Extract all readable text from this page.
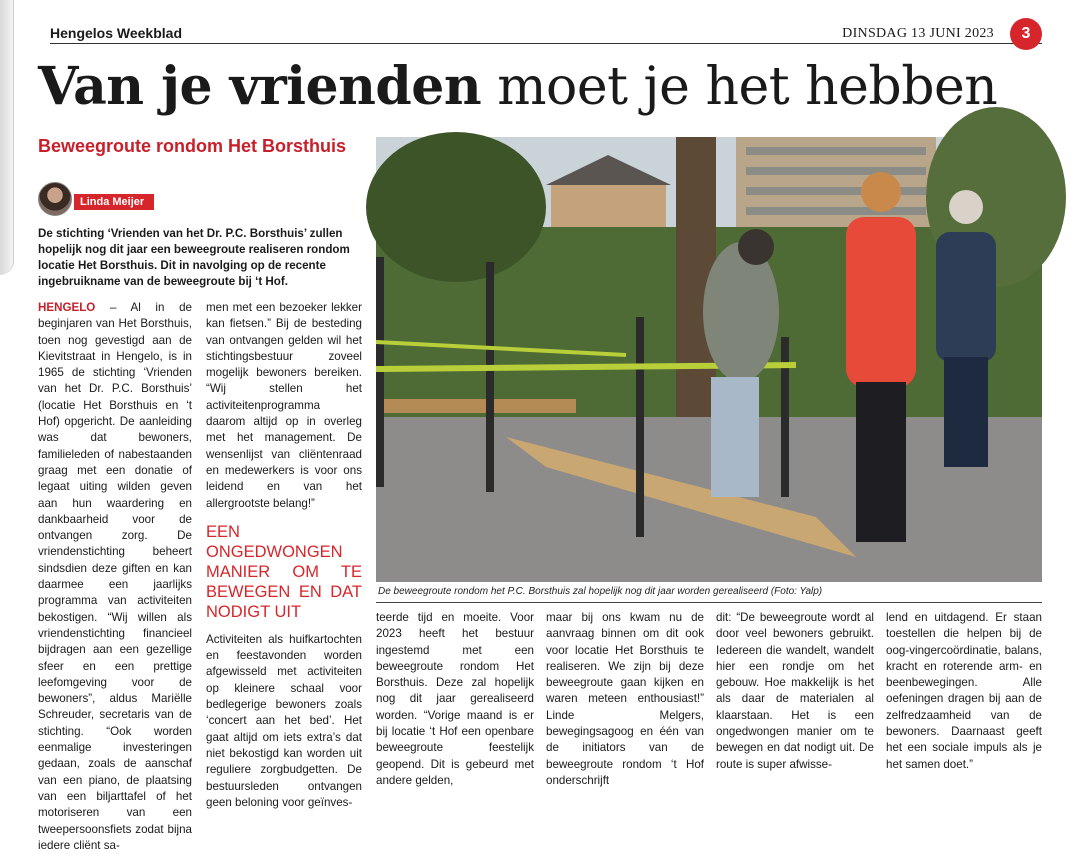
Hengelos Weekblad	DINSDAG 13 JUNI 2023	3
Van je vrienden moet je het hebben
Beweegroute rondom Het Borsthuis
Linda Meijer
De stichting ‘Vrienden van het Dr. P.C. Borsthuis’ zullen hopelijk nog dit jaar een beweegroute realiseren rondom locatie Het Borsthuis. Dit in navolging op de recente ingebruikname van de beweegroute bij ‘t Hof.

HENGELO – Al in de beginjaren van Het Borsthuis, toen nog gevestigd aan de Kievitstraat in Hengelo, is in 1965 de stichting ‘Vrienden van het Dr. P.C. Borsthuis’ (locatie Het Borsthuis en ‘t Hof) opgericht. De aanleiding was dat bewoners, familieleden of nabestaanden graag met een donatie of legaat uiting wilden geven aan hun waardering en dankbaarheid voor de ontvangen zorg. De vriendenstichting beheert sindsdien deze giften en kan daarmee een jaarlijks programma van activiteiten bekostigen. “Wij willen als vriendenstichting financieel bijdragen aan een gezellige sfeer en een prettige leefomgeving voor de bewoners”, aldus Mariëlle Schreuder, secretaris van de stichting. “Ook worden eenmalige investeringen gedaan, zoals de aanschaf van een piano, de plaatsing van een biljarttafel of het motoriseren van een tweepersoonsfiets zodat bijna iedere cliënt sa-

men met een bezoeker lekker kan fietsen.” Bij de besteding van ontvangen gelden wil het stichtingsbestuur zoveel mogelijk bewoners bereiken. “Wij stellen het activiteitenprogramma daarom altijd op in overleg met het management. De wensenlijst van cliëntenraad en medewerkers is voor ons leidend en van het allergrootste belang!”

EEN ONGEDWONGEN MANIER OM TE BEWEGEN EN DAT NODIGT UIT

Activiteiten als huifkartochten en feestavonden worden afgewisseld met activiteiten op kleinere schaal voor bedlegerige bewoners zoals ‘concert aan het bed’. Het gaat altijd om iets extra’s dat niet bekostigd kan worden uit reguliere zorgbudgetten. De bestuursleden ontvangen geen beloning voor geïnves-

De beweegroute rondom het P.C. Borsthuis zal hopelijk nog dit jaar worden gerealiseerd (Foto: Yalp)

teerde tijd en moeite. Voor 2023 heeft het bestuur ingestemd met een beweegroute rondom Het Borsthuis. Deze zal hopelijk nog dit jaar gerealiseerd worden. “Vorige maand is er bij locatie ‘t Hof een openbare beweegroute feestelijk geopend. Dit is gebeurd met andere gelden,

maar bij ons kwam nu de aanvraag binnen om dit ook voor locatie Het Borsthuis te realiseren. We zijn bij deze beweegroute gaan kijken en waren meteen enthousiast!” Linde Melgers, bewegingsagoog en één van de initiators van de beweegroute rondom ‘t Hof onderschrijft

dit: “De beweegroute wordt al door veel bewoners gebruikt. Iedereen die wandelt, wandelt hier een rondje om het gebouw. Hoe makkelijk is het als daar de materialen al klaarstaan. Het is een ongedwongen manier om te bewegen en dat nodigt uit. De route is super afwisse-

lend en uitdagend. Er staan toestellen die helpen bij de oog-vingercoördinatie, balans, kracht en roterende arm- en beenbewegingen. Alle oefeningen dragen bij aan de zelfredzaamheid van de bewoners. Daarnaast geeft het een sociale impuls als je het samen doet.”
